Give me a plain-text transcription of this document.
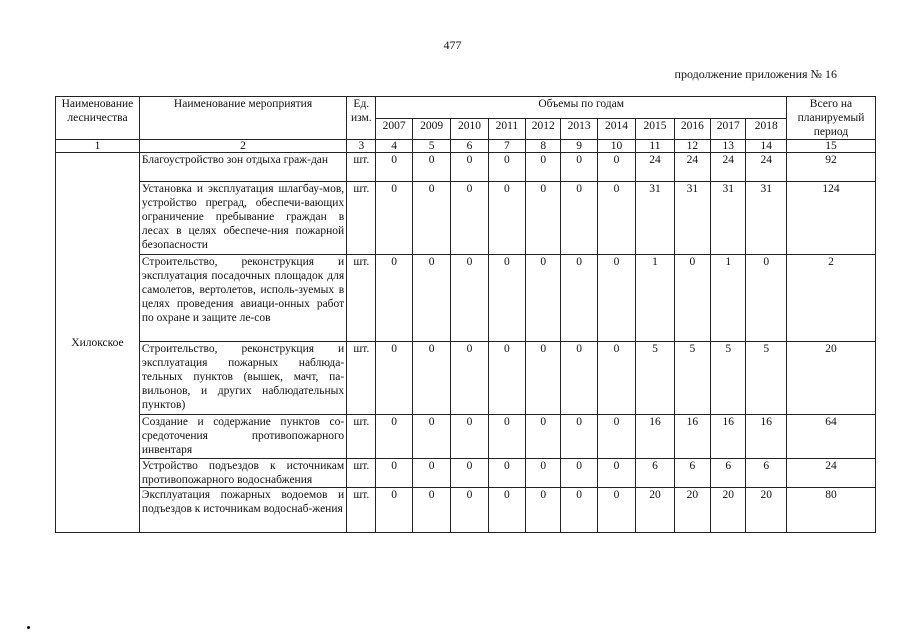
477
продолжение приложения № 16
Наименование лесничества	Наименование мероприятия	Ед. изм.	Объемы по годам											Всего на планируемый период
			2007	2009	2010	2011	2012	2013	2014	2015	2016	2017	2018	
1	2	3	4	5	6	7	8	9	10	11	12	13	14	15
Хилокское	Благоустройство зон отдыха граж-дан	шт.	0	0	0	0	0	0	0	24	24	24	24	92
	Установка и эксплуатация шлагбау-мов, устройство преград, обеспечи-вающих ограничение пребывание граждан в лесах в целях обеспече-ния пожарной безопасности	шт.	0	0	0	0	0	0	0	31	31	31	31	124
	Строительство, реконструкция и эксплуатация посадочных площадок для самолетов, вертолетов, исполь-зуемых в целях проведения авиаци-онных работ по охране и защите ле-сов	шт.	0	0	0	0	0	0	0	1	0	1	0	2
	Строительство, реконструкция и эксплуатация пожарных наблюда-тельных пунктов (вышек, мачт, па-вильонов, и других наблюдательных пунктов)	шт.	0	0	0	0	0	0	0	5	5	5	5	20
	Создание и содержание пунктов со-средоточения противопожарного инвентаря	шт.	0	0	0	0	0	0	0	16	16	16	16	64
	Устройство подъездов к источникам противопожарного водоснабжения	шт.	0	0	0	0	0	0	0	6	6	6	6	24
	Эксплуатация пожарных водоемов и подъездов к источникам водоснаб-жения	шт.	0	0	0	0	0	0	0	20	20	20	20	80
